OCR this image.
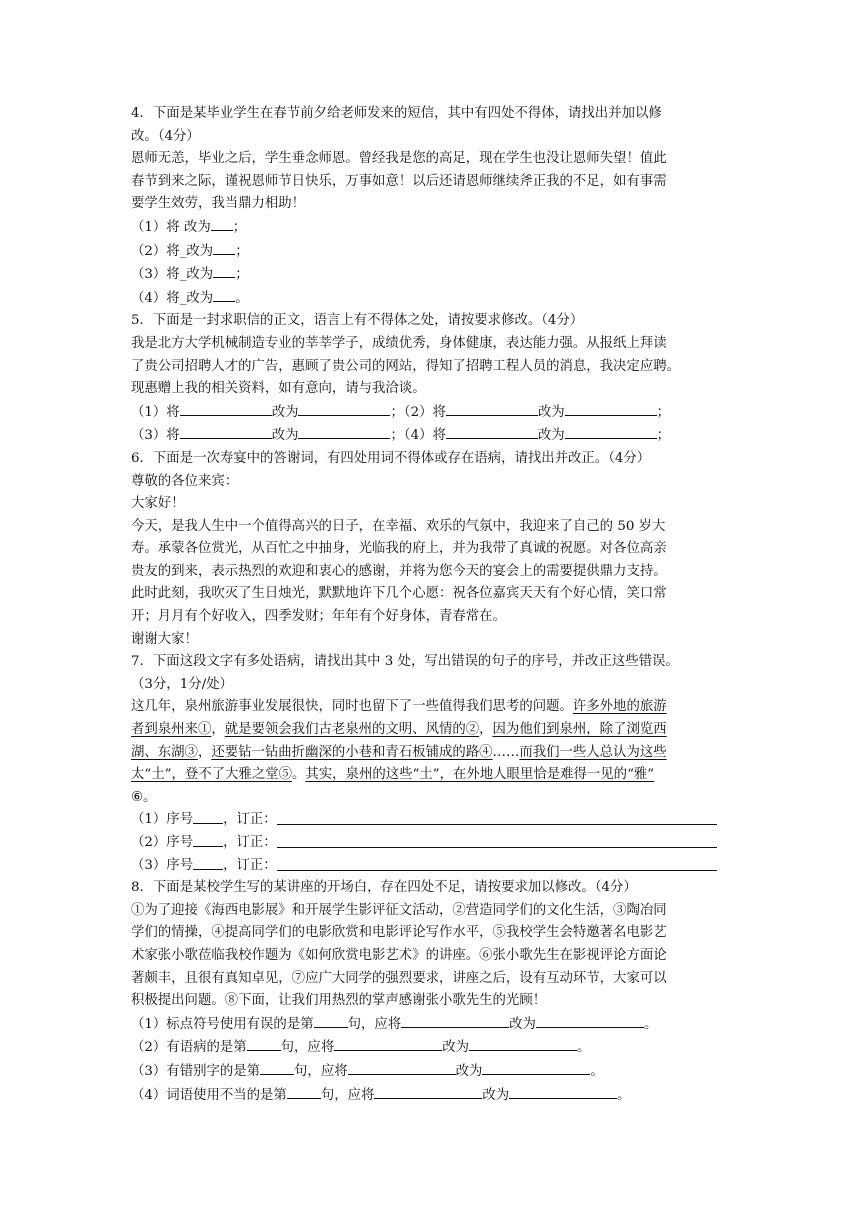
4．下面是某毕业学生在春节前夕给老师发来的短信，其中有四处不得体，请找出并加以修
改。（4分）
恩师无恙，毕业之后，学生垂念师恩。曾经我是您的高足，现在学生也没让恩师失望！值此
春节到来之际，谨祝恩师节日快乐，万事如意！以后还请恩师继续斧正我的不足，如有事需
要学生效劳，我当鼎力相助！
（1）将 改为 ；
（2）将_改为 ；
（3）将_改为 ；
（4）将_改为 。
5．下面是一封求职信的正文，语言上有不得体之处，请按要求修改。（4分）
我是北方大学机械制造专业的莘莘学子，成绩优秀，身体健康，表达能力强。从报纸上拜读
了贵公司招聘人才的广告，惠顾了贵公司的网站，得知了招聘工程人员的消息，我决定应聘。
现惠赠上我的相关资料，如有意向，请与我洽谈。
（1）将	改为	；（2）将	改为	；
（3）将	改为	；（4）将	改为	；
6．下面是一次寿宴中的答谢词，有四处用词不得体或存在语病，请找出并改正。（4分）
尊敬的各位来宾：
大家好！
今天，是我人生中一个值得高兴的日子，在幸福、欢乐的气氛中，我迎来了自己的 50 岁大
寿。承蒙各位赏光，从百忙之中抽身，光临我的府上，并为我带了真诚的祝愿。对各位高亲
贵友的到来，表示热烈的欢迎和衷心的感谢，并将为您今天的宴会上的需要提供鼎力支持。
此时此刻，我吹灭了生日烛光，默默地许下几个心愿：祝各位嘉宾天天有个好心情，笑口常
开；月月有个好收入，四季发财；年年有个好身体，青春常在。
谢谢大家！
7．下面这段文字有多处语病，请找出其中 3 处，写出错误的句子的序号，并改正这些错误。
（3分，1分/处）
这几年，泉州旅游事业发展很快，同时也留下了一些值得我们思考的问题。许多外地的旅游
者到泉州来①，就是要领会我们古老泉州的文明、风情的②，因为他们到泉州，除了浏览西
湖、东湖③，还要钻一钻曲折幽深的小巷和青石板铺成的路④……而我们一些人总认为这些
太“土”，登不了大雅之堂⑤。其实，泉州的这些“土”，在外地人眼里恰是难得一见的“雅”
⑥。
（1）序号 ，订正：
（2）序号 ，订正：
（3）序号 ，订正：
8．下面是某校学生写的某讲座的开场白，存在四处不足，请按要求加以修改。（4分）
①为了迎接《海西电影展》和开展学生影评征文活动，②营造同学们的文化生活，③陶冶同
学们的情操，④提高同学们的电影欣赏和电影评论写作水平，⑤我校学生会特邀著名电影艺
术家张小歌莅临我校作题为《如何欣赏电影艺术》的讲座。⑥张小歌先生在影视评论方面论
著颇丰，且很有真知卓见，⑦应广大同学的强烈要求，讲座之后，设有互动环节，大家可以
积极提出问题。⑧下面，让我们用热烈的掌声感谢张小歌先生的光顾！
（1）标点符号使用有误的是第	句，应将	改为	。
（2）有语病的是第	句，应将	改为	。
（3）有错别字的是第	句，应将	改为	。
（4）词语使用不当的是第	句，应将	改为	。
